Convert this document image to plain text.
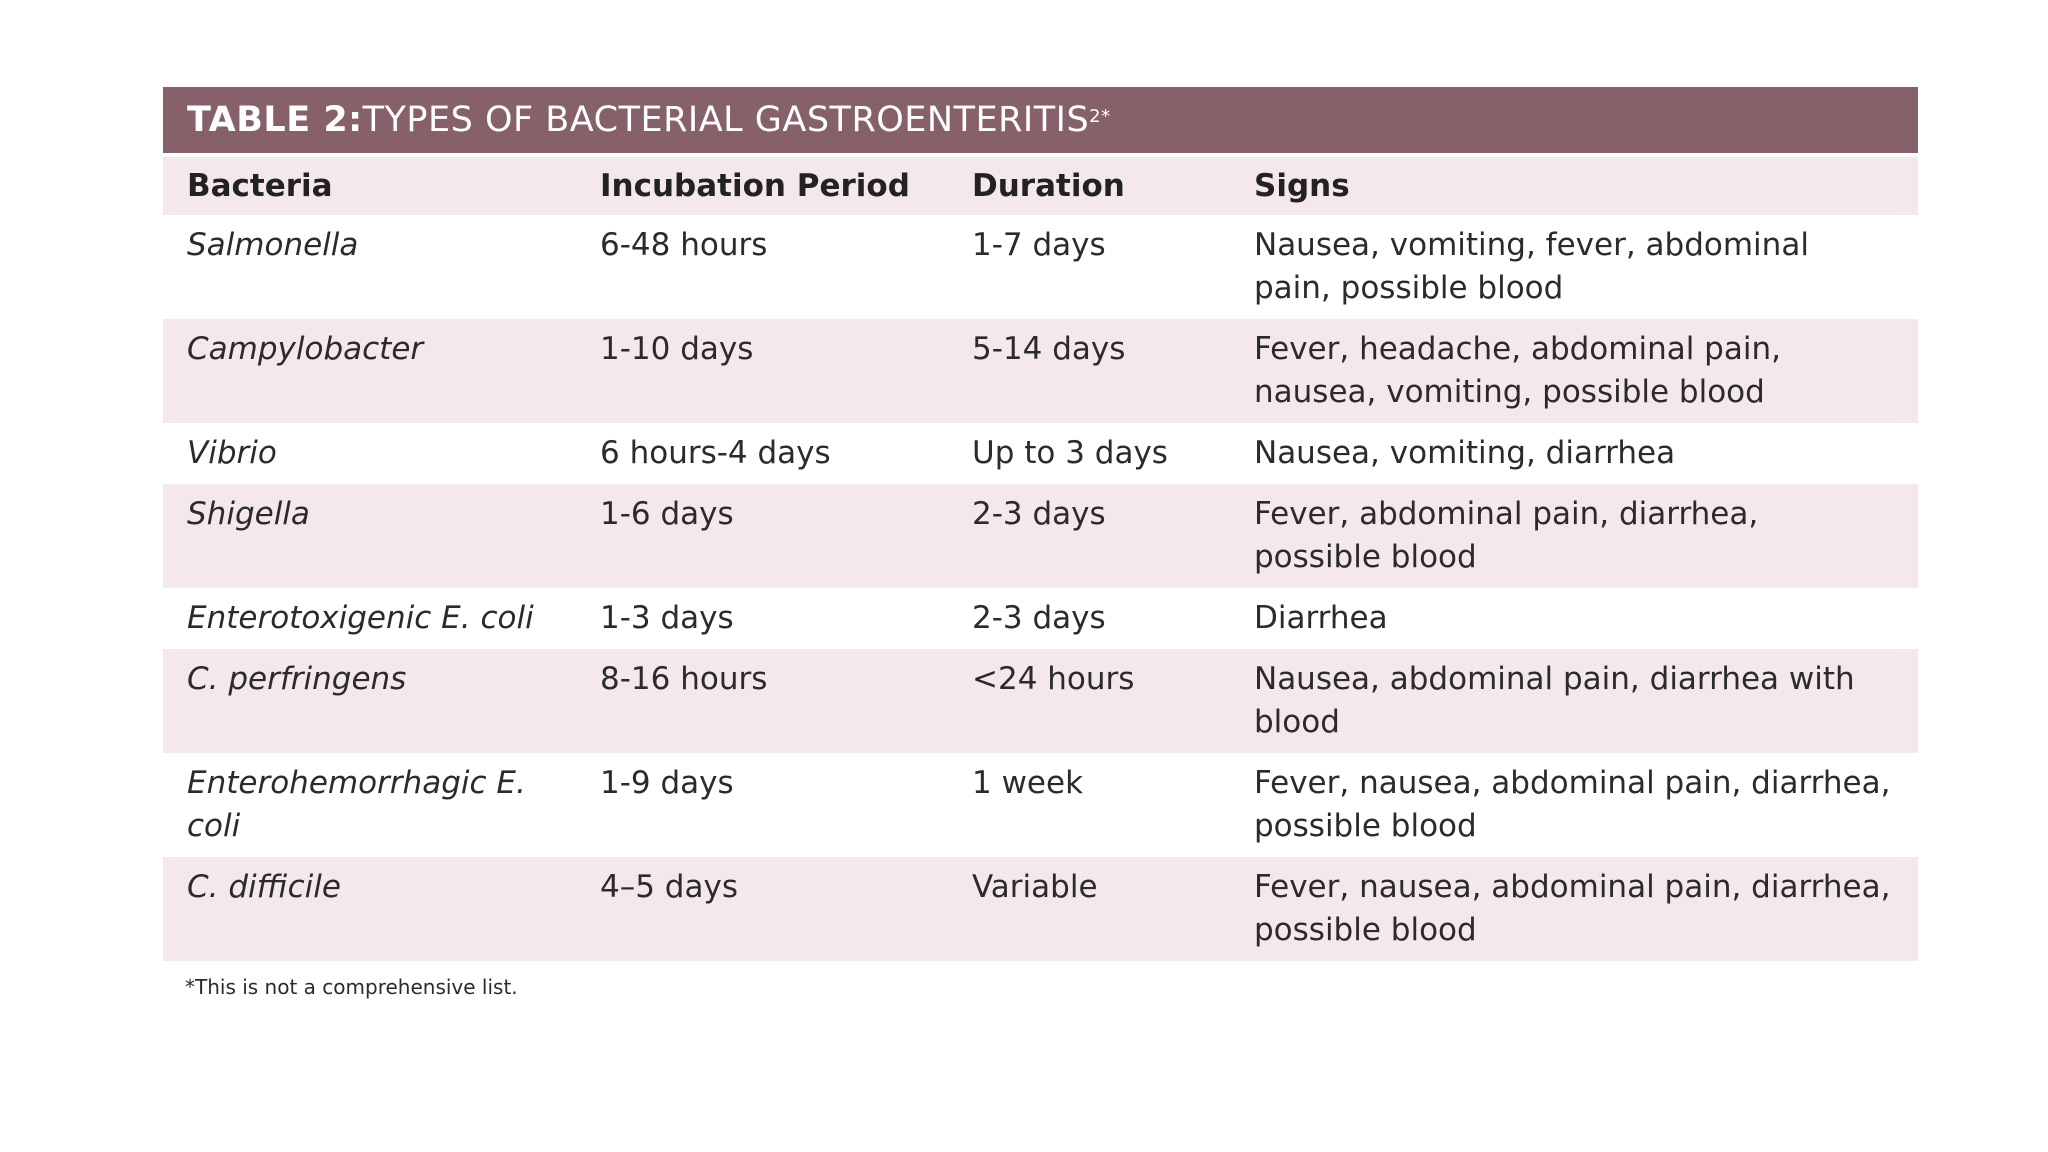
TABLE 2: TYPES OF BACTERIAL $GASTROENTERITIS^{2*}$
Bacteria	Incubation Period	Duration	Signs
Salmonella	6-48 hours	1-7 days	Nausea, vomiting, fever, abdominal pain, possible blood
Campylobacter	1-10 days	5-14 days	Fever, headache, abdominal pain, nausea, vomiting, possible blood
Vibrio	6 hours-4 days	Up to 3 days	Nausea, vomiting, diarrhea
Shigella	1-6 days	2-3 days	Fever, abdominal pain, diarrhea, possible blood
Enterotoxigenic E. coli	1-3 days	2-3 days	Diarrhea
C. perfringens	8-16 hours	<24 hours	Nausea, abdominal pain, diarrhea with blood
Enterohemorrhagic E. coli	1-9 days	1 week	Fever, nausea, abdominal pain, diarrhea, possible blood
C. difficile	4–5 days	Variable	Fever, nausea, abdominal pain, diarrhea, possible blood
*This is not a comprehensive list.
